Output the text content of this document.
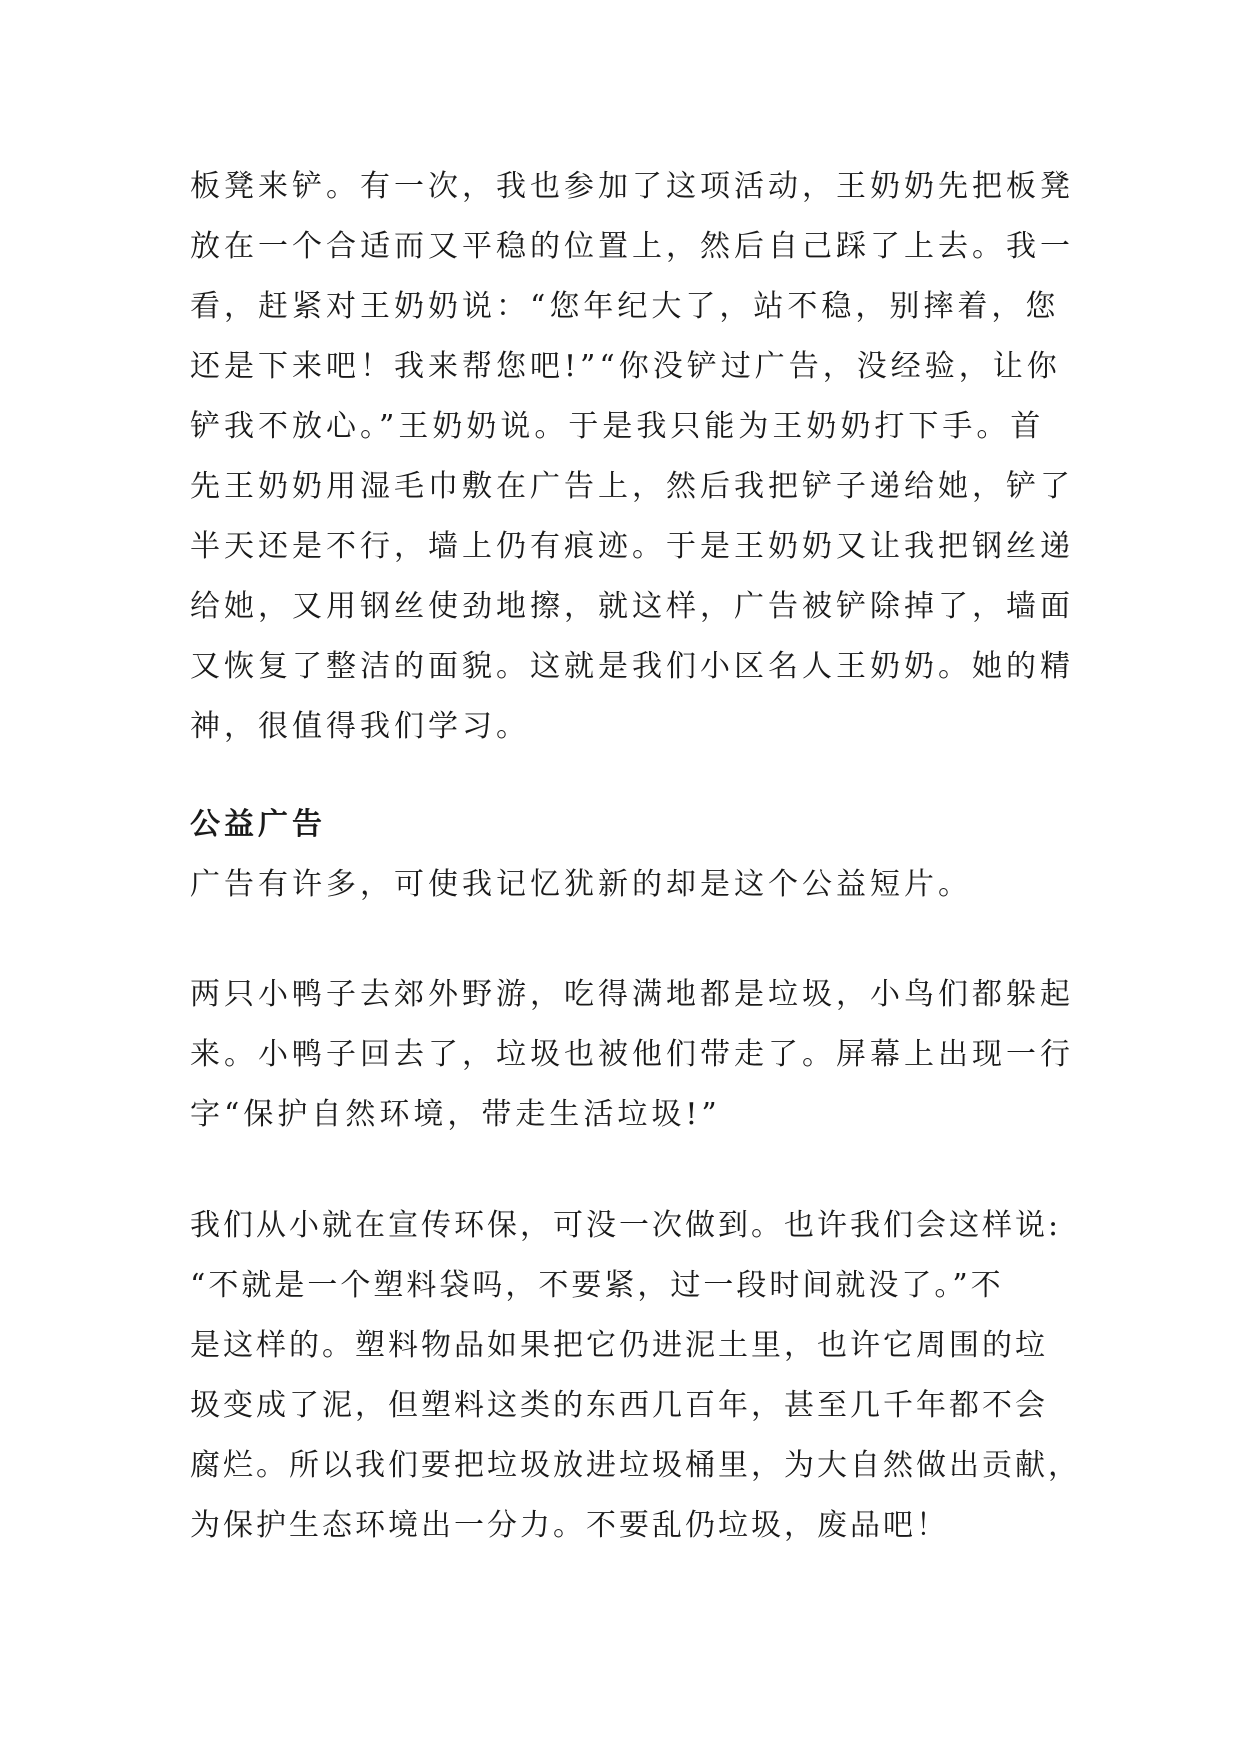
板凳来铲。有一次，我也参加了这项活动，王奶奶先把板凳
放在一个合适而又平稳的位置上，然后自己踩了上去。我一
看，赶紧对王奶奶说：“您年纪大了，站不稳，别摔着，您
还是下来吧！我来帮您吧!”“你没铲过广告，没经验，让你
铲我不放心。”王奶奶说。于是我只能为王奶奶打下手。首
先王奶奶用湿毛巾敷在广告上，然后我把铲子递给她，铲了
半天还是不行，墙上仍有痕迹。于是王奶奶又让我把钢丝递
给她，又用钢丝使劲地擦，就这样，广告被铲除掉了，墙面
又恢复了整洁的面貌。这就是我们小区名人王奶奶。她的精
神，很值得我们学习。
公益广告
广告有许多，可使我记忆犹新的却是这个公益短片。
两只小鸭子去郊外野游，吃得满地都是垃圾，小鸟们都躲起
来。小鸭子回去了，垃圾也被他们带走了。屏幕上出现一行
字“保护自然环境，带走生活垃圾!”
我们从小就在宣传环保，可没一次做到。也许我们会这样说:
“不就是一个塑料袋吗，不要紧，过一段时间就没了。”不
是这样的。塑料物品如果把它仍进泥土里，也许它周围的垃
圾变成了泥，但塑料这类的东西几百年，甚至几千年都不会
腐烂。所以我们要把垃圾放进垃圾桶里，为大自然做出贡献，
为保护生态环境出一分力。不要乱仍垃圾，废品吧！
